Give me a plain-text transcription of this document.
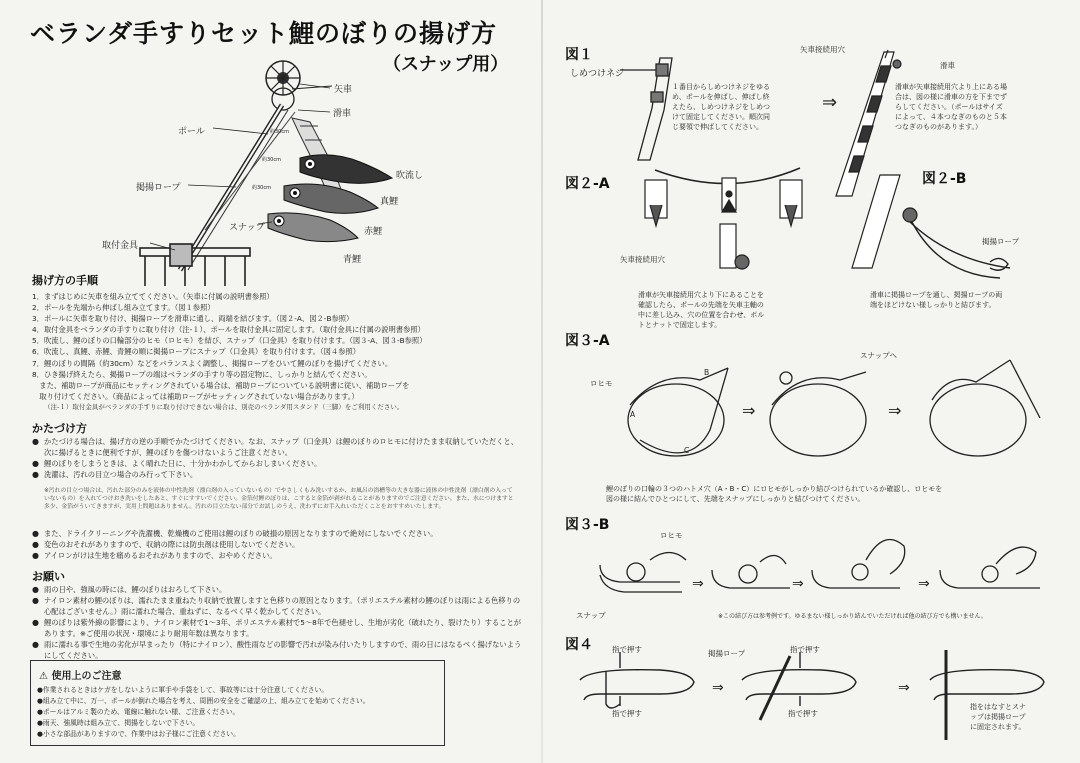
ベランダ手すりセット鯉のぼりの揚げ方
（スナップ用）
矢車
滑車
ポール
吹流し
掲揚ロープ
真鯉
スナップ	赤鯉
取付金具
青鯉
約30cm
約30cm
約30cm
揚げ方の手順
1．まずはじめに矢車を組み立ててください。（矢車に付属の説明書参照）
2．ポールを先端から伸ばし組み立てます。（図１参照）
3．ポールに矢車を取り付け、掲揚ロープを滑車に通し、両端を結びます。（図２-A、図２-B参照）
4．取付金具をベランダの手すりに取り付け（注-１）、ポールを取付金具に固定します。（取付金具に付属の説明書参照）
5．吹流し、鯉のぼりの口輪部分のヒモ（ロヒモ）を結び、スナップ（口金具）を取り付けます。（図３-A、図３-B参照）
6．吹流し、真鯉、赤鯉、青鯉の順に掲揚ロープにスナップ（口金具）を取り付けます。（図４参照）
7．鯉のぼりの間隔（約30cm）などをバランスよく調整し、掲揚ロープをひいて鯉のぼりを揚げてください。
8．ひき揚げ終えたら、掲揚ロープの端はベランダの手すり等の固定物に、しっかりと結んでください。
　また、補助ロープが商品にセッティングされている場合は、補助ロープについている説明書に従い、補助ロープを
　取り付けてください。（商品によっては補助ロープがセッティングされていない場合があります。）
（注-１）取付金具がベランダの手すりに取り付けできない場合は、別売のベランダ用スタンド（三脚）をご利用ください。
かたづけ方
● かたづける場合は、揚げ方の逆の手順でかたづけてください。なお、スナップ（口金具）は鯉のぼりのロヒモに付けたまま収納していただくと、次に揚げるときに便利ですが、鯉のぼりを傷つけないようご注意ください。
● 鯉のぼりをしまうときは、よく晴れた日に、十分かわかしてからおしまいください。
● 洗濯は、汚れの目立つ場合のみ行って下さい。
※汚れの目立つ場合は、汚れた部分のみを液体の中性洗剤（漂白剤の入っていないもの）でやさしくもみ洗いするか、お風呂の浴槽等の大きな器に液体の中性洗剤（漂白剤の入っていないもの）を入れてつけおき洗いをしたあと、すぐにすすいでください。金箔付鯉のぼりは、こすると金箔が剥がれることがありますのでご注意ください。また、水につけますと多少、金箔がういてきますが、実用上問題はありません。汚れの目立たない部分でお試しのうえ、洗わずにお手入れいただくことをおすすめいたします。
● また、ドライクリーニングや洗濯機、乾燥機のご使用は鯉のぼりの破損の原因となりますので絶対にしないでください。
● 変色のおそれがありますので、収納の際には防虫剤は使用しないでください。
● アイロンがけは生地を痛めるおそれがありますので、おやめください。
お願い
● 雨の日や、強風の時には、鯉のぼりはおろして下さい。
● ナイロン素材の鯉のぼりは、濡れたまま重ねたり収納で放置しますと色移りの原因となります。（ポリエステル素材の鯉のぼりは雨による色移りの心配はございません。）雨に濡れた場合、重ねずに、なるべく早く乾かしてください。
● 鯉のぼりは紫外線の影響により、ナイロン素材で1～3年、ポリエステル素材で5～8年で色褪せし、生地が劣化（破れたり、裂けたり）することがあります。※ご使用の状況・環境により耐用年数は異なります。
● 雨に濡れる事で生地の劣化が早まったり（特にナイロン）、酸性雨などの影響で汚れが染み付いたりしますので、雨の日にはなるべく揚げないようにしてください。
⚠ 使用上のご注意
●作業されるときはケガをしないように軍手や手袋をして、事故等には十分注意してください。
●組み立て中に、万一、ポールが倒れた場合を考え、周囲の安全をご確認の上、組み立てを始めてください。
●ポールはアルミ製のため、電線に触れない様、ご注意ください。
●雨天、強風時は組み立て、掲揚をしないで下さい。
●小さな部品がありますので、作業中はお子様にご注意ください。
図１
しめつけネジ
１番目からしめつけネジをゆる
め、ポールを伸ばし、伸ばし終
えたら、しめつけネジをしめつ
けて固定してください。順次同
じ要領で伸ばしてください。
矢車接続用穴
滑車
滑車が矢車接続用穴より上にある場
合は、図の様に滑車の方を下までず
らしてください。（ポールはサイズ
によって、４本つなぎのものと５本
つなぎのものがあります。）
図２-A
矢車接続用穴
滑車が矢車接続用穴より下にあることを
確認したら、ポールの先端を矢車主軸の
中に差し込み、穴の位置を合わせ、ボル
トとナットで固定します。
図２-B
掲揚ロープ
滑車に掲揚ロープを通し、掲揚ロープの両
端をほどけない様しっかりと結びます。
図３-A
スナップへ
ロヒモ
B
A
C
鯉のぼりの口輪の３つのハトメ穴（A・B・C）にロヒモがしっかり結びつけられているか確認し、ロヒモを
図の様に結んでひとつにして、先端をスナップにしっかりと結びつけてください。
図３-B
ロヒモ
スナップ	※この結び方は参考例です。ゆるまない様しっかり結んでいただければ他の結び方でも構いません。
図４	指で押す
指で押す
掲揚ロープ	指で押す
指で押す
指をはなすとスナ
ップは掲揚ロープ
に固定されます。
⇒
⇒	⇒
⇒	⇒	⇒
⇒	⇒
